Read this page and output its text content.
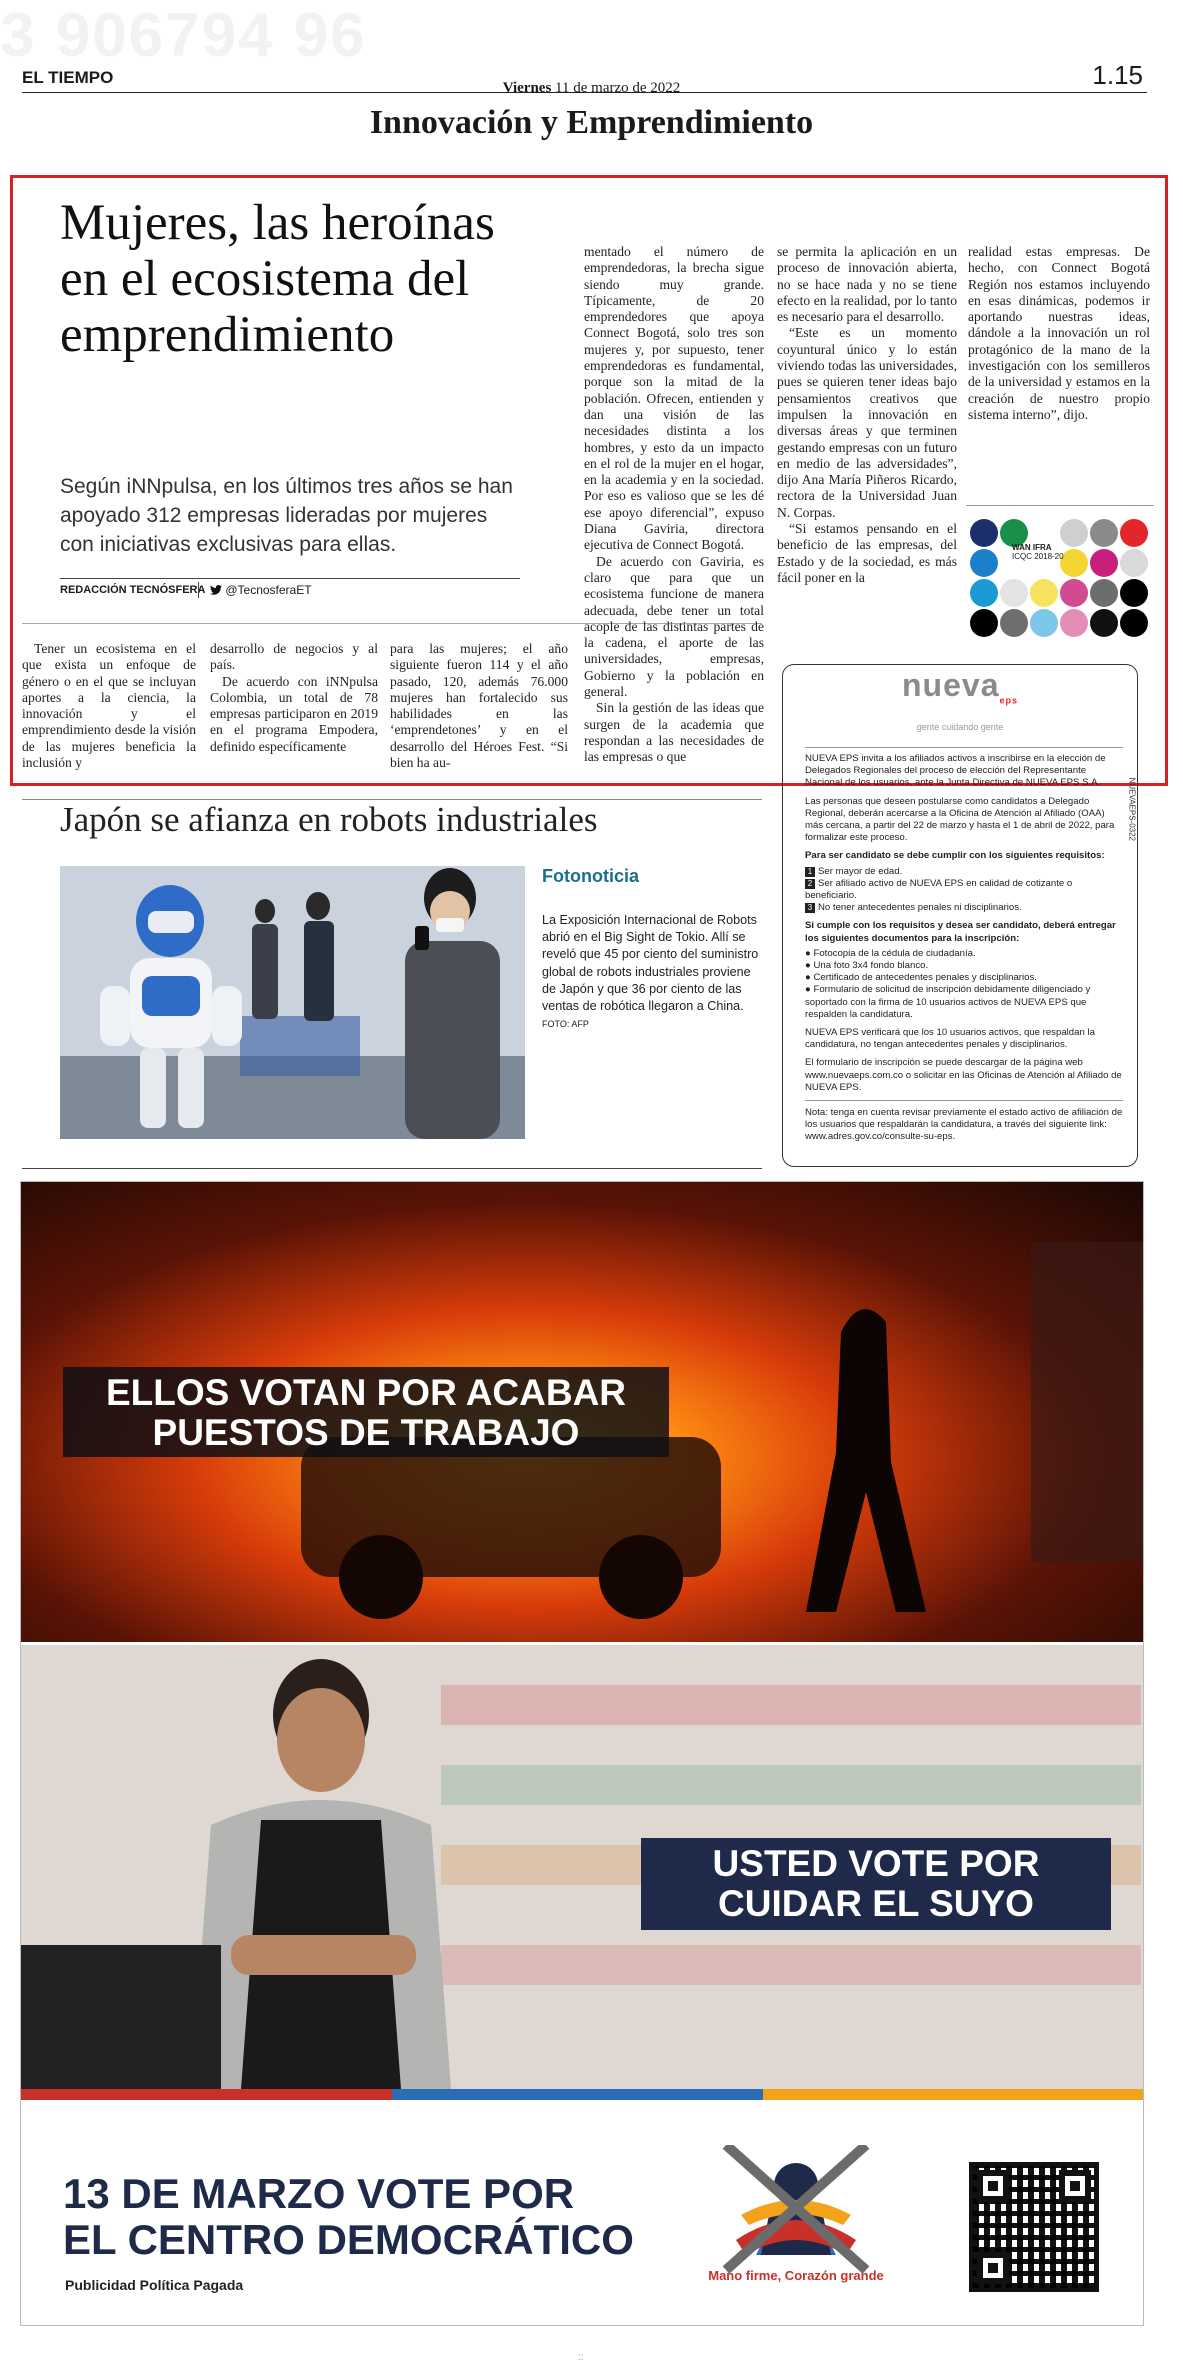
3 906794 96
EL TIEMPO
Viernes 11 de marzo de 2022	1.15
Innovación y Emprendimiento
Mujeres, las heroínas en el ecosistema del emprendimiento
Según iNNpulsa, en los últimos tres años se han apoyado 312 empresas lideradas por mujeres con iniciativas exclusivas para ellas.
REDACCIÓN TECNÓSFERA	@TecnosferaET

Tener un ecosistema en el que exista un enfoque de género o en el que se incluyan aportes a la ciencia, la innovación y el emprendimiento desde la visión de las mujeres beneficia la inclusión y

desarrollo de negocios y al país.

De acuerdo con iNNpulsa Colombia, un total de 78 empresas participaron en 2019 en el programa Empodera, definido específicamente

para las mujeres; el año siguiente fueron 114 y el año pasado, 120, además 76.000 mujeres han fortalecido sus habilidades en las ‘emprendetones’ y en el desarrollo del Héroes Fest. “Si bien ha au-

mentado el número de emprendedoras, la brecha sigue siendo muy grande. Típicamente, de 20 emprendedores que apoya Connect Bogotá, solo tres son mujeres y, por supuesto, tener emprendedoras es fundamental, porque son la mitad de la población. Ofrecen, entienden y dan una visión de las necesidades distinta a los hombres, y esto da un impacto en el rol de la mujer en el hogar, en la academia y en la sociedad. Por eso es valioso que se les dé ese apoyo diferencial”, expuso Diana Gaviria, directora ejecutiva de Connect Bogotá.

De acuerdo con Gaviria, es claro que para que un ecosistema funcione de manera adecuada, debe tener un total acople de las distintas partes de la cadena, el aporte de las universidades, empresas, Gobierno y la población en general.

Sin la gestión de las ideas que surgen de la academia que respondan a las necesidades de las empresas o que

se permita la aplicación en un proceso de innovación abierta, no se hace nada y no se tiene efecto en la realidad, por lo tanto es necesario para el desarrollo.

“Este es un momento coyuntural único y lo están viviendo todas las universidades, pues se quieren tener ideas bajo pensamientos creativos que impulsen la innovación en diversas áreas y que terminen gestando empresas con un futuro en medio de las adversidades”, dijo Ana María Piñeros Ricardo, rectora de la Universidad Juan N. Corpas.

“Si estamos pensando en el beneficio de las empresas, del Estado y de la sociedad, es más fácil poner en la

realidad estas empresas. De hecho, con Connect Bogotá Región nos estamos incluyendo en esas dinámicas, podemos ir aportando nuestras ideas, dándole a la innovación un rol protagónico de la mano de la investigación con los semilleros de la universidad y estamos en la creación de nuestro propio sistema interno”, dijo.

WAN IFRA
ICQC 2018-20
nueva$_{eps}$
gente cuidando gente

NUEVA EPS invita a los afiliados activos a inscribirse en la elección de Delegados Regionales del proceso de elección del Representante Nacional de los usuarios, ante la Junta Directiva de NUEVA EPS S.A.

Las personas que deseen postularse como candidatos a Delegado Regional, deberán acercarse a la Oficina de Atención al Afiliado (OAA) más cercana, a partir del 22 de marzo y hasta el 1 de abril de 2022, para formalizar este proceso.

Para ser candidato se debe cumplir con los siguientes requisitos:

1 Ser mayor de edad.
2 Ser afiliado activo de NUEVA EPS en calidad de cotizante o beneficiario.
3 No tener antecedentes penales ni disciplinarios.

Si cumple con los requisitos y desea ser candidato, deberá entregar los siguientes documentos para la inscripción:

● Fotocopia de la cédula de ciudadanía.
● Una foto 3x4 fondo blanco.
● Certificado de antecedentes penales y disciplinarios.
● Formulario de solicitud de inscripción debidamente diligenciado y soportado con la firma de 10 usuarios activos de NUEVA EPS que respalden la candidatura.

NUEVA EPS verificará que los 10 usuarios activos, que respaldan la candidatura, no tengan antecedentes penales y disciplinarios.

El formulario de inscripción se puede descargar de la página web www.nuevaeps.com.co o solicitar en las Oficinas de Atención al Afiliado de NUEVA EPS.

Nota: tenga en cuenta revisar previamente el estado activo de afiliación de los usuarios que respaldarán la candidatura, a través del siguiente link: www.adres.gov.co/consulte-su-eps.

NUEVAEPS-0322
Japón se afianza en robots industriales
Fotonoticia
La Exposición Internacional de Robots abrió en el Big Sight de Tokio. Allí se reveló que 45 por ciento del suministro global de robots industriales proviene de Japón y que 36 por ciento de las ventas de robótica llegaron a China. FOTO: AFP
ELLOS VOTAN POR ACABAR
PUESTOS DE TRABAJO
USTED VOTE POR
CUIDAR EL SUYO
13 DE MARZO VOTE POR
EL CENTRO DEMOCRÁTICO
Publicidad Política Pagada
Mano firme, Corazón grande
::
